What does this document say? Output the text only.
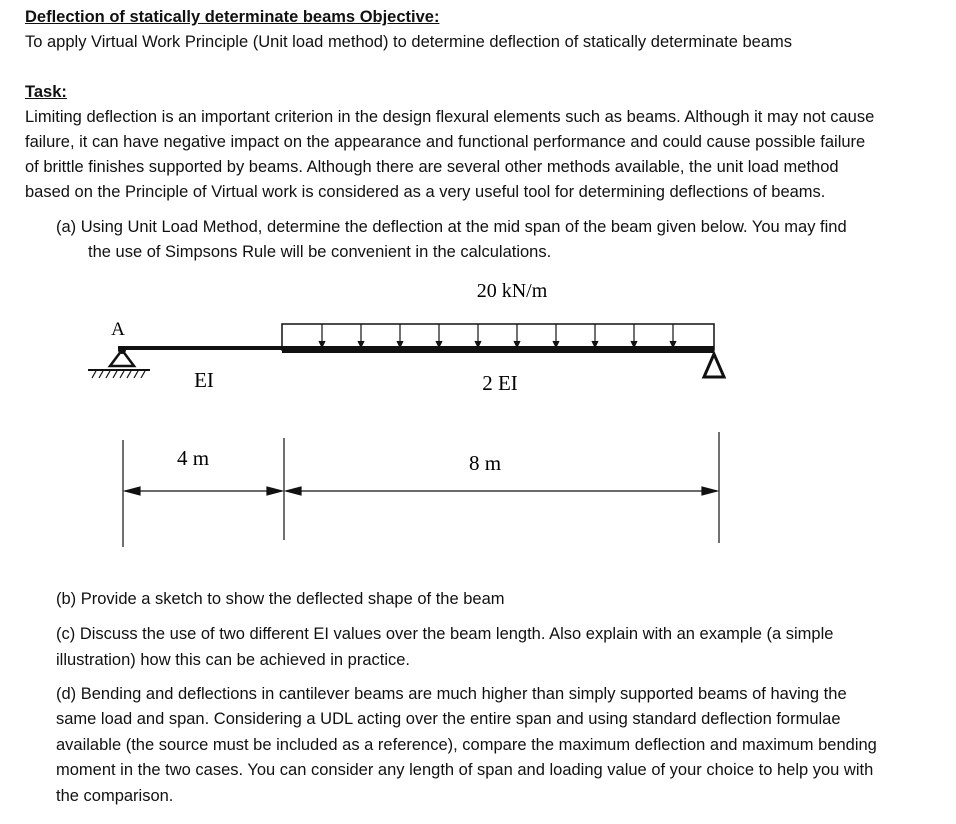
Deflection of statically determinate beams Objective:
To apply Virtual Work Principle (Unit load method) to determine deflection of statically determinate beams
Task:
Limiting deflection is an important criterion in the design flexural elements such as beams. Although it may not cause
failure, it can have negative impact on the appearance and functional performance and could cause possible failure
of brittle finishes supported by beams. Although there are several other methods available, the unit load method
based on the Principle of Virtual work is considered as a very useful tool for determining deflections of beams.
(a) Using Unit Load Method, determine the deflection at the mid span of the beam given below. You may find
the use of Simpsons Rule will be convenient in the calculations.
20 kN/m
A
EI	2 EI
4 m	8 m
(b) Provide a sketch to show the deflected shape of the beam
(c) Discuss the use of two different EI values over the beam length. Also explain with an example (a simple
illustration) how this can be achieved in practice.
(d) Bending and deflections in cantilever beams are much higher than simply supported beams of having the
same load and span. Considering a UDL acting over the entire span and using standard deflection formulae
available (the source must be included as a reference), compare the maximum deflection and maximum bending
moment in the two cases. You can consider any length of span and loading value of your choice to help you with
the comparison.
